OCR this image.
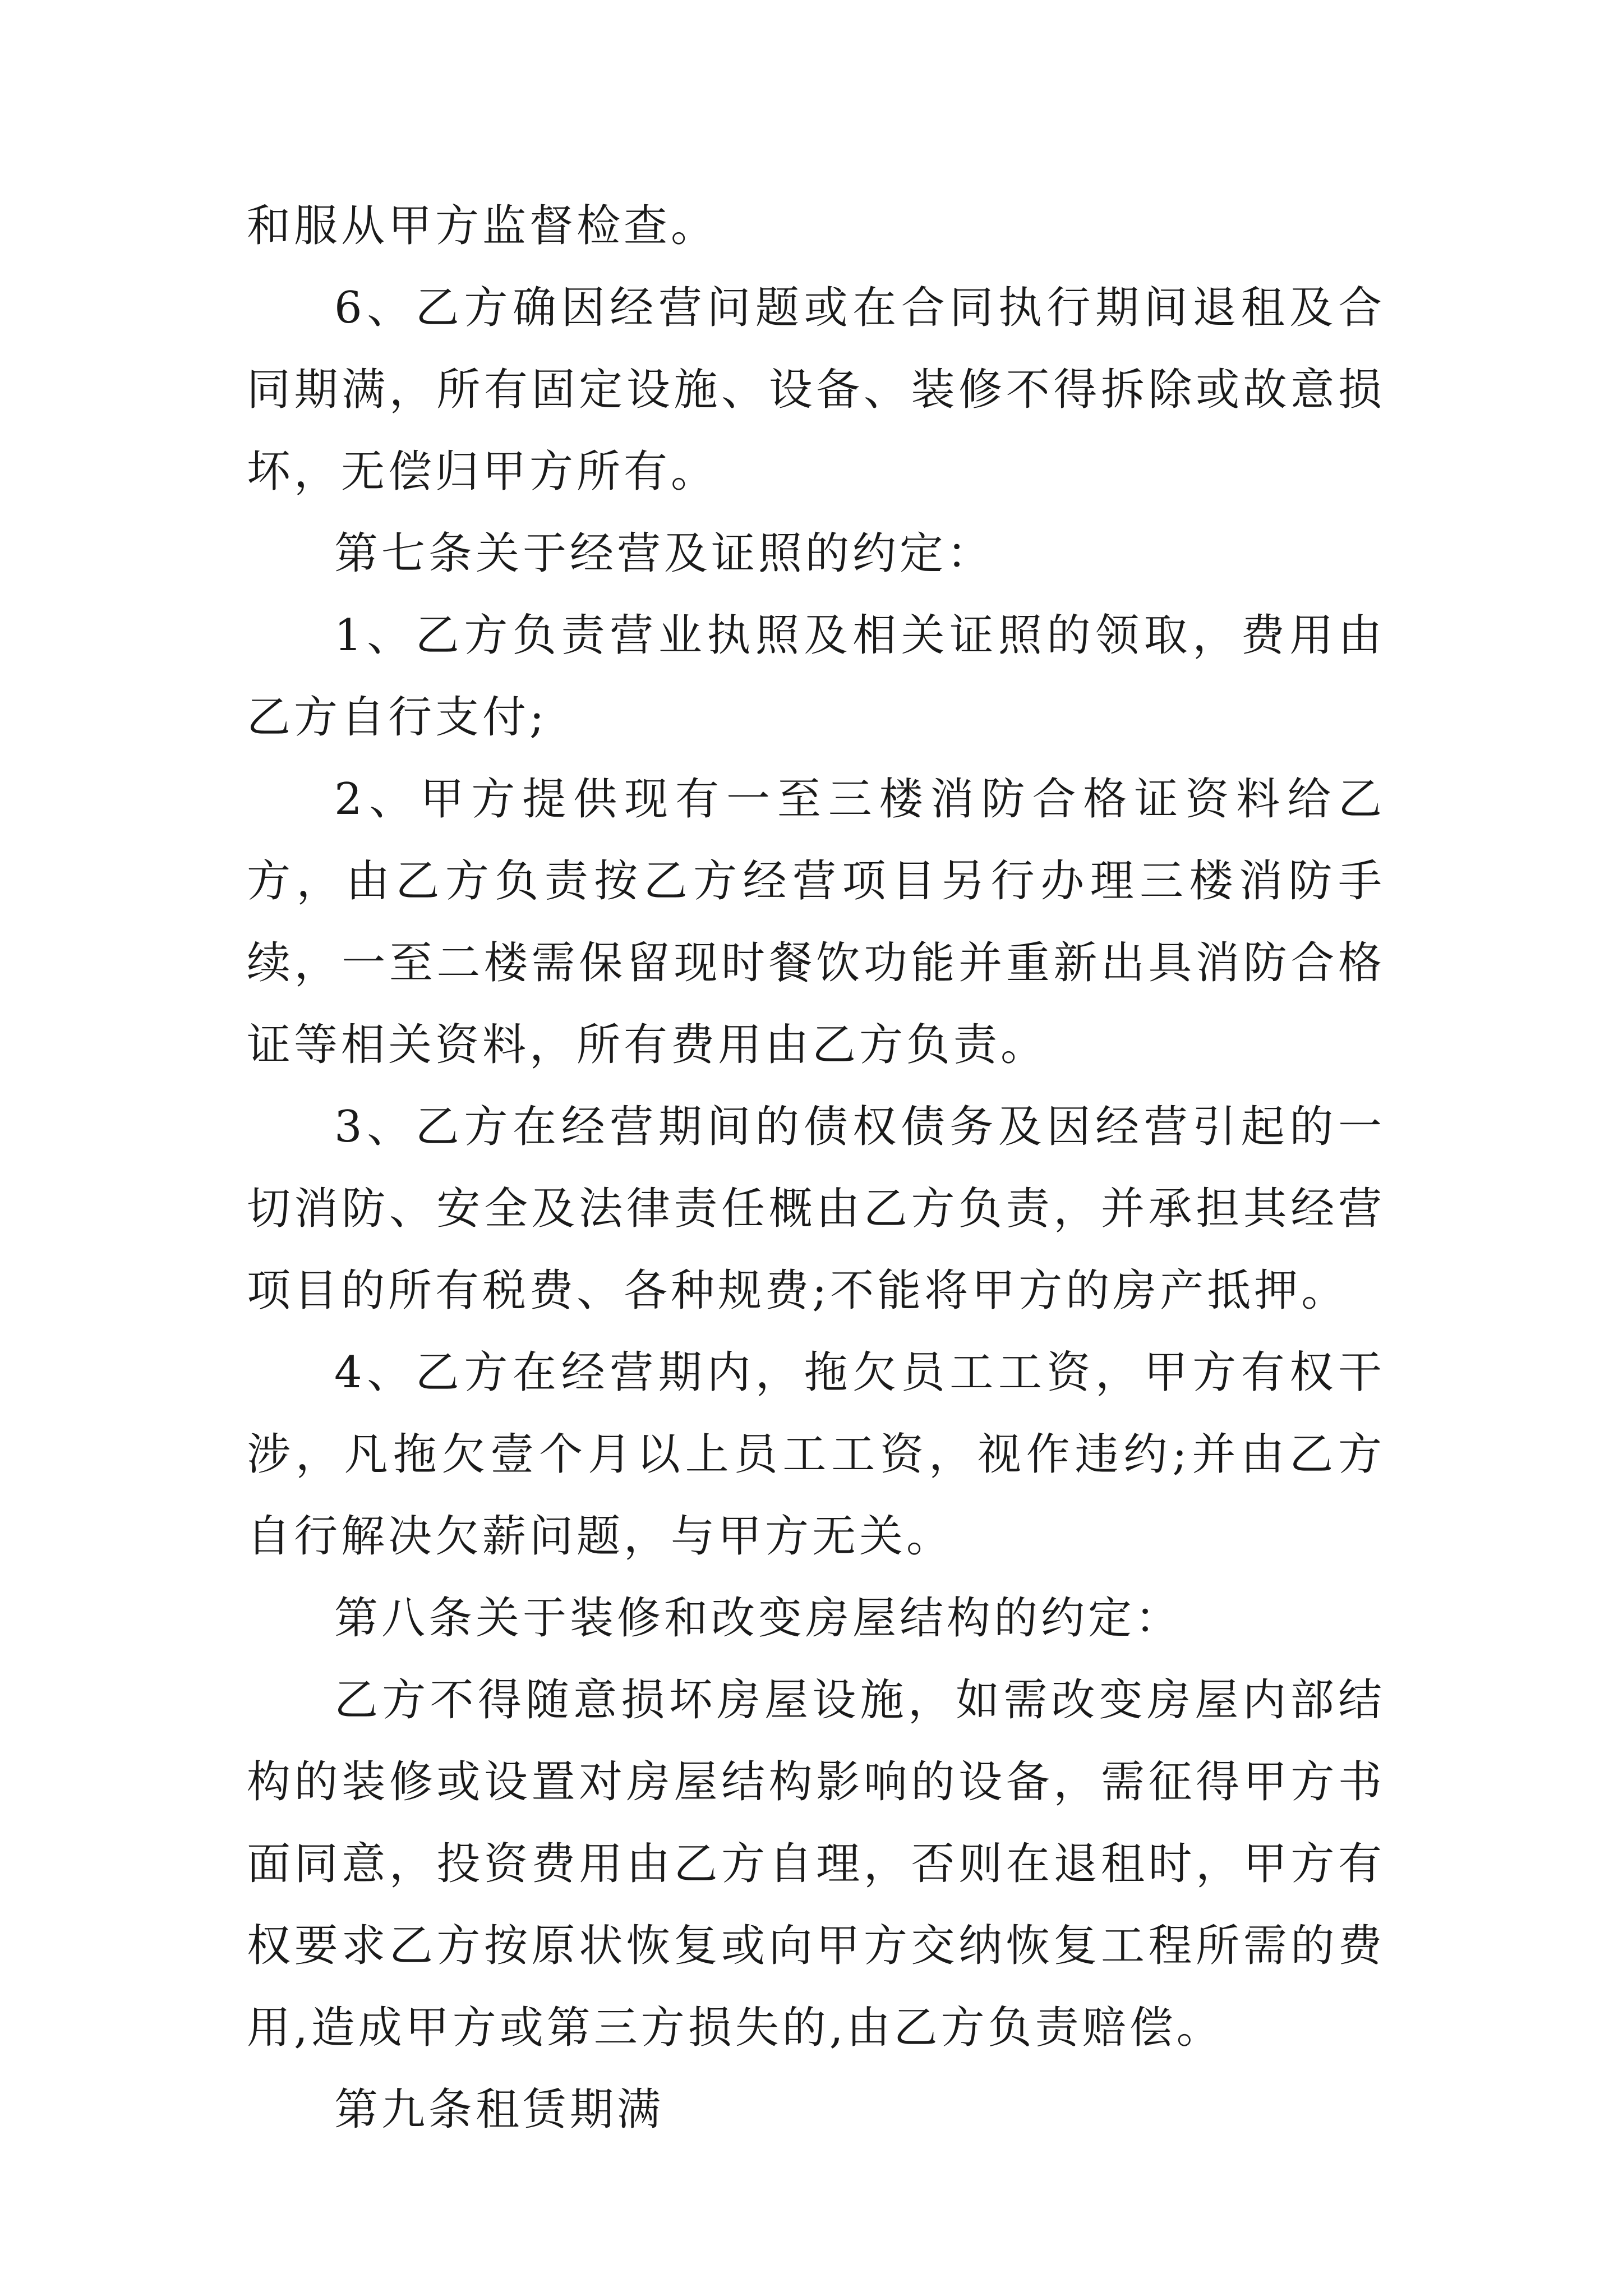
和服从甲方监督检查。

6、乙方确因经营问题或在合同执行期间退租及合同期满，所有固定设施、设备、装修不得拆除或故意损坏，无偿归甲方所有。

第七条关于经营及证照的约定：

1、乙方负责营业执照及相关证照的领取，费用由乙方自行支付;

2、甲方提供现有一至三楼消防合格证资料给乙方，由乙方负责按乙方经营项目另行办理三楼消防手续，一至二楼需保留现时餐饮功能并重新出具消防合格证等相关资料，所有费用由乙方负责。

3、乙方在经营期间的债权债务及因经营引起的一切消防、安全及法律责任概由乙方负责，并承担其经营项目的所有税费、各种规费;不能将甲方的房产抵押。

4、乙方在经营期内，拖欠员工工资，甲方有权干涉，凡拖欠壹个月以上员工工资，视作违约;并由乙方自行解决欠薪问题，与甲方无关。

第八条关于装修和改变房屋结构的约定：

乙方不得随意损坏房屋设施，如需改变房屋内部结构的装修或设置对房屋结构影响的设备，需征得甲方书面同意，投资费用由乙方自理，否则在退租时，甲方有权要求乙方按原状恢复或向甲方交纳恢复工程所需的费用,造成甲方或第三方损失的,由乙方负责赔偿。

第九条租赁期满
